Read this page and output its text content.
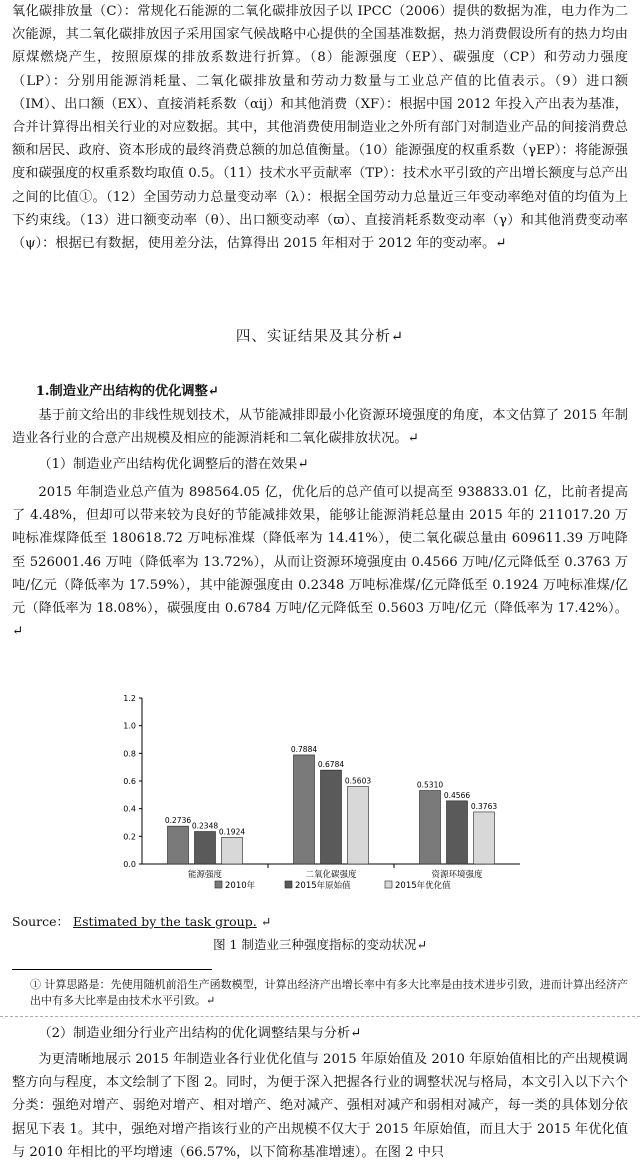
氧化碳排放量（C）：常规化石能源的二氧化碳排放因子以 IPCC（2006）提供的数据为准，电力作为二次能源，其二氧化碳排放因子采用国家气候战略中心提供的全国基准数据，热力消费假设所有的热力均由原煤燃烧产生，按照原煤的排放系数进行折算。（8）能源强度（EP）、碳强度（CP）和劳动力强度（LP）：分别用能源消耗量、二氧化碳排放量和劳动力数量与工业总产值的比值表示。（9）进口额（IM）、出口额（EX）、直接消耗系数（αij）和其他消费（XF）：根据中国 2012 年投入产出表为基准，合并计算得出相关行业的对应数据。其中，其他消费使用制造业之外所有部门对制造业产品的间接消费总额和居民、政府、资本形成的最终消费总额的加总值衡量。（10）能源强度的权重系数（γEP）：将能源强度和碳强度的权重系数均取值 0.5。（11）技术水平贡献率（TP）：技术水平引致的产出增长额度与总产出之间的比值①。（12）全国劳动力总量变动率（λ）：根据全国劳动力总量近三年变动率绝对值的均值为上下约束线。（13）进口额变动率（θ）、出口额变动率（ϖ）、直接消耗系数变动率（γ）和其他消费变动率（ψ）：根据已有数据，使用差分法，估算得出 2015 年相对于 2012 年的变动率。↵

四、实证结果及其分析↵

1.制造业产出结构的优化调整↵

基于前文给出的非线性规划技术，从节能减排即最小化资源环境强度的角度，本文估算了 2015 年制造业各行业的合意产出规模及相应的能源消耗和二氧化碳排放状况。↵

（1）制造业产出结构优化调整后的潜在效果↵

2015 年制造业总产值为 898564.05 亿，优化后的总产值可以提高至 938833.01 亿，比前者提高了 4.48%，但却可以带来较为良好的节能减排效果，能够让能源消耗总量由 2015 年的 211017.20 万吨标准煤降低至 180618.72 万吨标准煤（降低率为 14.41%），使二氧化碳总量由 609611.39 万吨降至 526001.46 万吨（降低率为 13.72%），从而让资源环境强度由 0.4566 万吨/亿元降低至 0.3763 万吨/亿元（降低率为 17.59%），其中能源强度由 0.2348 万吨标准煤/亿元降低至 0.1924 万吨标准煤/亿元（降低率为 18.08%），碳强度由 0.6784 万吨/亿元降低至 0.5603 万吨/亿元（降低率为 17.42%）。↵

0.0
0.2
0.4
0.6
0.8
1.0
1.2
0.2736
0.2348
0.1924
能源强度
0.7884
0.6784
0.5603
二氧化碳强度
0.5310
0.4566
0.3763
资源环境强度
2010年	2015年原始值	2015年优化值
Source： Estimated by the task group. ↵

图 1 制造业三种强度指标的变动状况↵

① 计算思路是：先使用随机前沿生产函数模型，计算出经济产出增长率中有多大比率是由技术进步引致，进而计算出经济产出中有多大比率是由技术水平引致。↵

（2）制造业细分行业产出结构的优化调整结果与分析↵

为更清晰地展示 2015 年制造业各行业优化值与 2015 年原始值及 2010 年原始值相比的产出规模调整方向与程度，本文绘制了下图 2。同时，为便于深入把握各行业的调整状况与格局，本文引入以下六个分类：强绝对增产、弱绝对增产、相对增产、绝对减产、强相对减产和弱相对减产，每一类的具体划分依据见下表 1。其中，强绝对增产指该行业的产出规模不仅大于 2015 年原始值，而且大于 2015 年优化值与 2010 年相比的平均增速（66.57%，以下简称基准增速）。在图 2 中只
